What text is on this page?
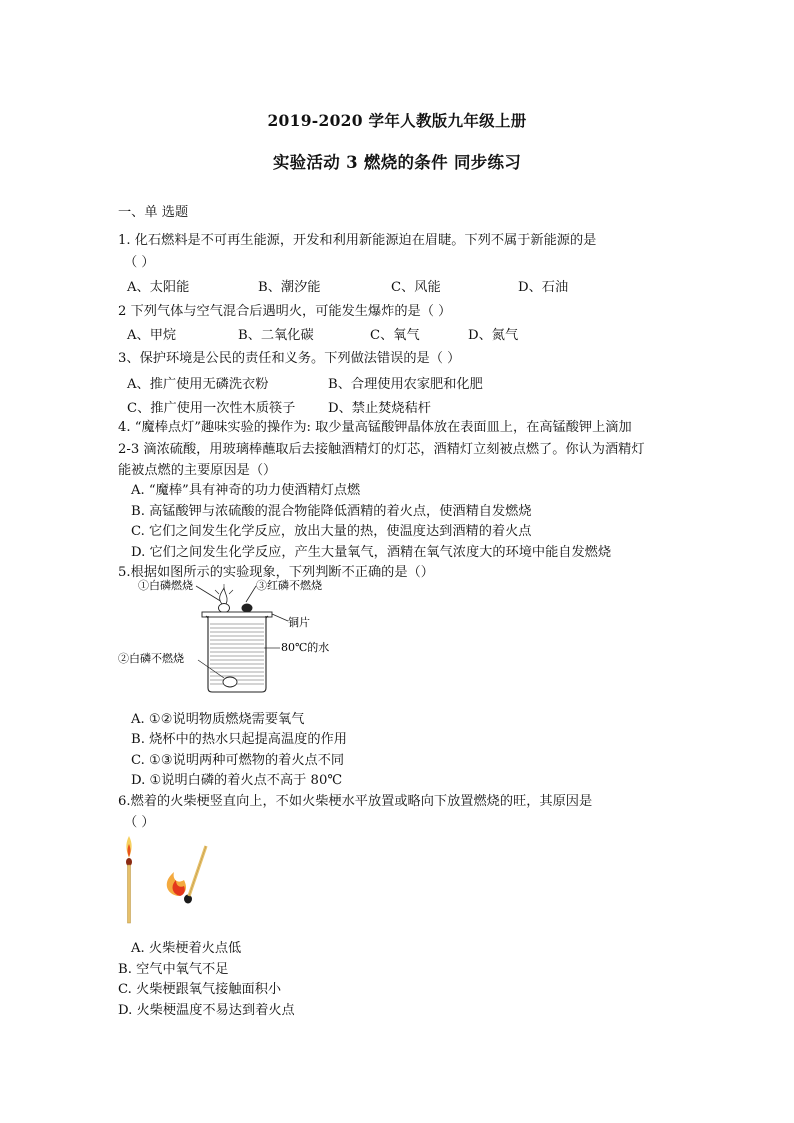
2019-2020 学年人教版九年级上册
实验活动 3 燃烧的条件 同步练习
一、单 选题
1. 化石燃料是不可再生能源，开发和利用新能源迫在眉睫。下列不属于新能源的是
（ ）
A、太阳能	B、潮汐能	C、风能	D、石油
2 下列气体与空气混合后遇明火，可能发生爆炸的是（ ）
A、甲烷	B、二氧化碳	C、氧气	D、氮气
3、保护环境是公民的责任和义务。下列做法错误的是（ ）
A、推广使用无磷洗衣粉	B、合理使用农家肥和化肥
C、推广使用一次性木质筷子 D、禁止焚烧秸杆
4. “魔棒点灯”趣味实验的操作为: 取少量高锰酸钾晶体放在表面皿上，在高锰酸钾上滴加
2-3 滴浓硫酸，用玻璃棒蘸取后去接触酒精灯的灯芯，酒精灯立刻被点燃了。你认为酒精灯
能被点燃的主要原因是（）
A. “魔棒”具有神奇的功力使酒精灯点燃
B. 高锰酸钾与浓硫酸的混合物能降低酒精的着火点，使酒精自发燃烧
C. 它们之间发生化学反应，放出大量的热，使温度达到酒精的着火点
D. 它们之间发生化学反应，产生大量氧气，酒精在氧气浓度大的环境中能自发燃烧
5.根据如图所示的实验现象，下列判断不正确的是（）
①白磷燃烧	③红磷不燃烧
铜片
80℃的水
②白磷不燃烧
A. ①②说明物质燃烧需要氧气
B. 烧杯中的热水只起提高温度的作用
C. ①③说明两种可燃物的着火点不同
D. ①说明白磷的着火点不高于 80℃
6.燃着的火柴梗竖直向上，不如火柴梗水平放置或略向下放置燃烧的旺，其原因是
（ ）
A. 火柴梗着火点低
B. 空气中氧气不足
C. 火柴梗跟氧气接触面积小
D. 火柴梗温度不易达到着火点
